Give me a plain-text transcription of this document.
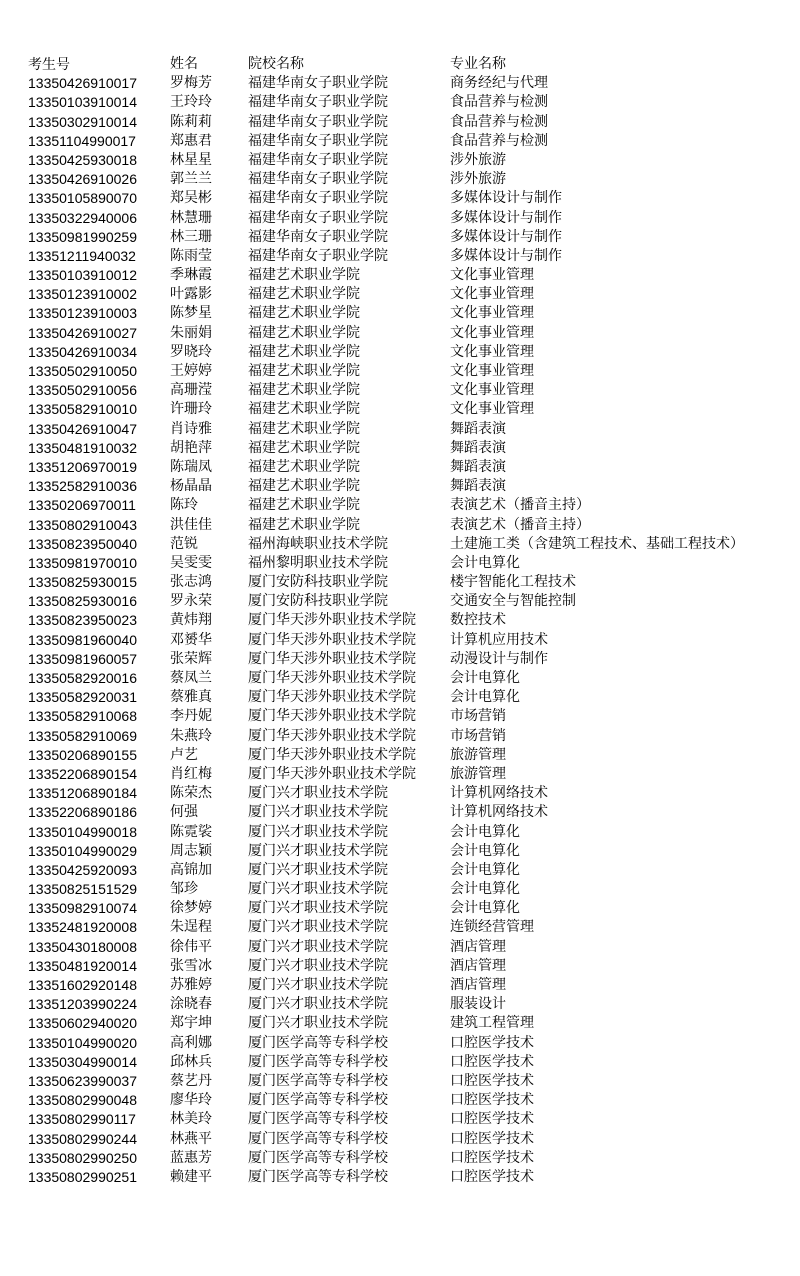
考生号	姓名	院校名称	专业名称
13350426910017	罗梅芳	福建华南女子职业学院	商务经纪与代理
13350103910014	王玲玲	福建华南女子职业学院	食品营养与检测
13350302910014	陈莉莉	福建华南女子职业学院	食品营养与检测
13351104990017	郑惠君	福建华南女子职业学院	食品营养与检测
13350425930018	林星星	福建华南女子职业学院	涉外旅游
13350426910026	郭兰兰	福建华南女子职业学院	涉外旅游
13350105890070	郑吴彬	福建华南女子职业学院	多媒体设计与制作
13350322940006	林慧珊	福建华南女子职业学院	多媒体设计与制作
13350981990259	林三珊	福建华南女子职业学院	多媒体设计与制作
13351211940032	陈雨莹	福建华南女子职业学院	多媒体设计与制作
13350103910012	季琳霞	福建艺术职业学院	文化事业管理
13350123910002	叶露影	福建艺术职业学院	文化事业管理
13350123910003	陈梦星	福建艺术职业学院	文化事业管理
13350426910027	朱丽娟	福建艺术职业学院	文化事业管理
13350426910034	罗晓玲	福建艺术职业学院	文化事业管理
13350502910050	王婷婷	福建艺术职业学院	文化事业管理
13350502910056	高珊滢	福建艺术职业学院	文化事业管理
13350582910010	许珊玲	福建艺术职业学院	文化事业管理
13350426910047	肖诗雅	福建艺术职业学院	舞蹈表演
13350481910032	胡艳萍	福建艺术职业学院	舞蹈表演
13351206970019	陈瑞凤	福建艺术职业学院	舞蹈表演
13352582910036	杨晶晶	福建艺术职业学院	舞蹈表演
13350206970011	陈玲	福建艺术职业学院	表演艺术（播音主持）
13350802910043	洪佳佳	福建艺术职业学院	表演艺术（播音主持）
13350823950040	范锐	福州海峡职业技术学院	土建施工类（含建筑工程技术、基础工程技术）
13350981970010	吴雯雯	福州黎明职业技术学院	会计电算化
13350825930015	张志鸿	厦门安防科技职业学院	楼宇智能化工程技术
13350825930016	罗永荣	厦门安防科技职业学院	交通安全与智能控制
13350823950023	黄炜翔	厦门华天涉外职业技术学院	数控技术
13350981960040	邓赟华	厦门华天涉外职业技术学院	计算机应用技术
13350981960057	张荣辉	厦门华天涉外职业技术学院	动漫设计与制作
13350582920016	蔡凤兰	厦门华天涉外职业技术学院	会计电算化
13350582920031	蔡雅真	厦门华天涉外职业技术学院	会计电算化
13350582910068	李丹妮	厦门华天涉外职业技术学院	市场营销
13350582910069	朱燕玲	厦门华天涉外职业技术学院	市场营销
13350206890155	卢艺	厦门华天涉外职业技术学院	旅游管理
13352206890154	肖红梅	厦门华天涉外职业技术学院	旅游管理
13351206890184	陈荣杰	厦门兴才职业技术学院	计算机网络技术
13352206890186	何强	厦门兴才职业技术学院	计算机网络技术
13350104990018	陈霓裟	厦门兴才职业技术学院	会计电算化
13350104990029	周志颖	厦门兴才职业技术学院	会计电算化
13350425920093	高锦加	厦门兴才职业技术学院	会计电算化
13350825151529	邹珍	厦门兴才职业技术学院	会计电算化
13350982910074	徐梦婷	厦门兴才职业技术学院	会计电算化
13352481920008	朱逞程	厦门兴才职业技术学院	连锁经营管理
13350430180008	徐伟平	厦门兴才职业技术学院	酒店管理
13350481920014	张雪冰	厦门兴才职业技术学院	酒店管理
13351602920148	苏雅婷	厦门兴才职业技术学院	酒店管理
13351203990224	涂晓春	厦门兴才职业技术学院	服装设计
13350602940020	郑宇坤	厦门兴才职业技术学院	建筑工程管理
13350104990020	高利娜	厦门医学高等专科学校	口腔医学技术
13350304990014	邱林兵	厦门医学高等专科学校	口腔医学技术
13350623990037	蔡艺丹	厦门医学高等专科学校	口腔医学技术
13350802990048	廖华玲	厦门医学高等专科学校	口腔医学技术
13350802990117	林美玲	厦门医学高等专科学校	口腔医学技术
13350802990244	林燕平	厦门医学高等专科学校	口腔医学技术
13350802990250	蓝惠芳	厦门医学高等专科学校	口腔医学技术
13350802990251	赖建平	厦门医学高等专科学校	口腔医学技术
